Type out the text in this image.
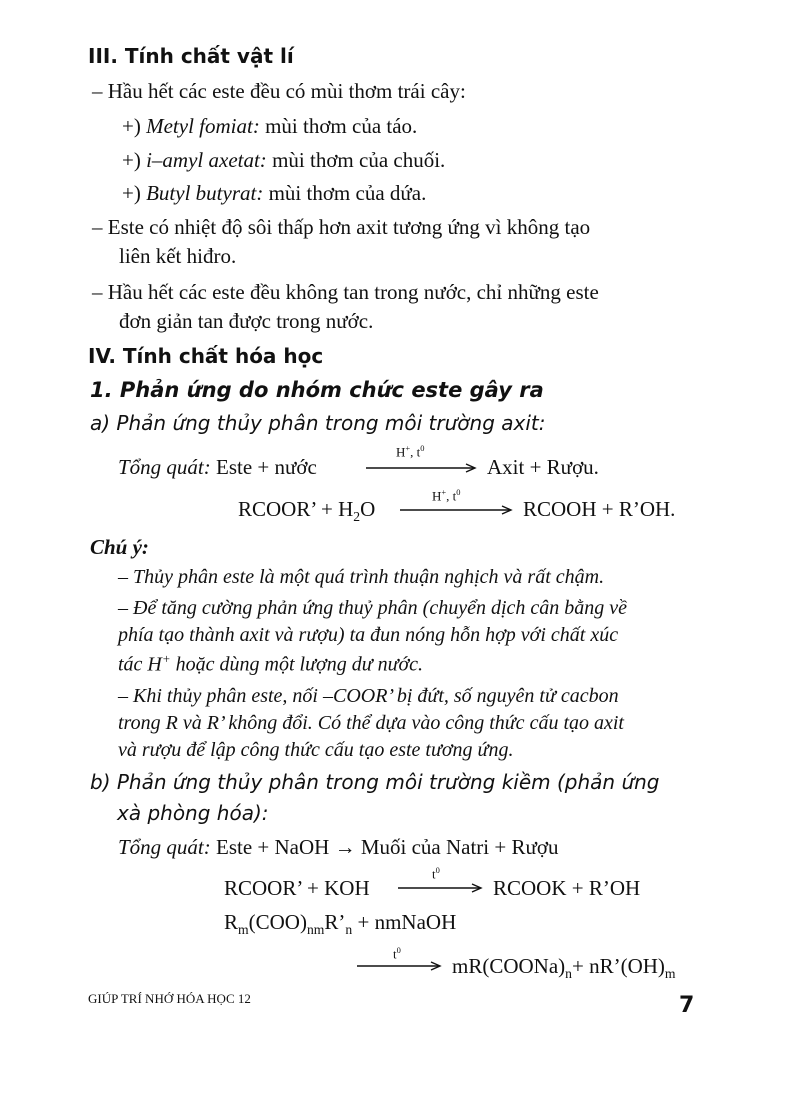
III. Tính chất vật lí
– Hầu hết các este đều có mùi thơm trái cây:
+) Metyl fomiat: mùi thơm của táo.
+) i–amyl axetat: mùi thơm của chuối.
+) Butyl butyrat: mùi thơm của dứa.
– Este có nhiệt độ sôi thấp hơn axit tương ứng vì không tạo
liên kết hiđro.
– Hầu hết các este đều không tan trong nước, chỉ những este
đơn giản tan được trong nước.
IV. Tính chất hóa học
1. Phản ứng do nhóm chức este gây ra
a) Phản ứng thủy phân trong môi trường axit:
Tổng quát: Este + nước
H+, $t^0$
Axit + Rượu.
RCOOR’ + $H_2O$
H+, $t^0$
RCOOH + R’OH.
Chú ý:
– Thủy phân este là một quá trình thuận nghịch và rất chậm.
– Để tăng cường phản ứng thuỷ phân (chuyển dịch cân bằng về
phía tạo thành axit và rượu) ta đun nóng hỗn hợp với chất xúc
tác H+ hoặc dùng một lượng dư nước.
– Khi thủy phân este, nối –COOR’ bị đứt, số nguyên tử cacbon
trong R và R’ không đổi. Có thể dựa vào công thức cấu tạo axit
và rượu để lập công thức cấu tạo este tương ứng.
b) Phản ứng thủy phân trong môi trường kiềm (phản ứng
xà phòng hóa):
Tổng quát: Este + NaOH → Muối của Natri + Rượu
RCOOR’ + KOH
$t^0$
RCOOK + R’OH
$R_m(COO)_{nm}R’_n$ + nmNaOH
$t^0$
$mR(COONa)_n+$ $nR’(OH)_m$
GIÚP TRÍ NHỚ HÓA HỌC 12	7
